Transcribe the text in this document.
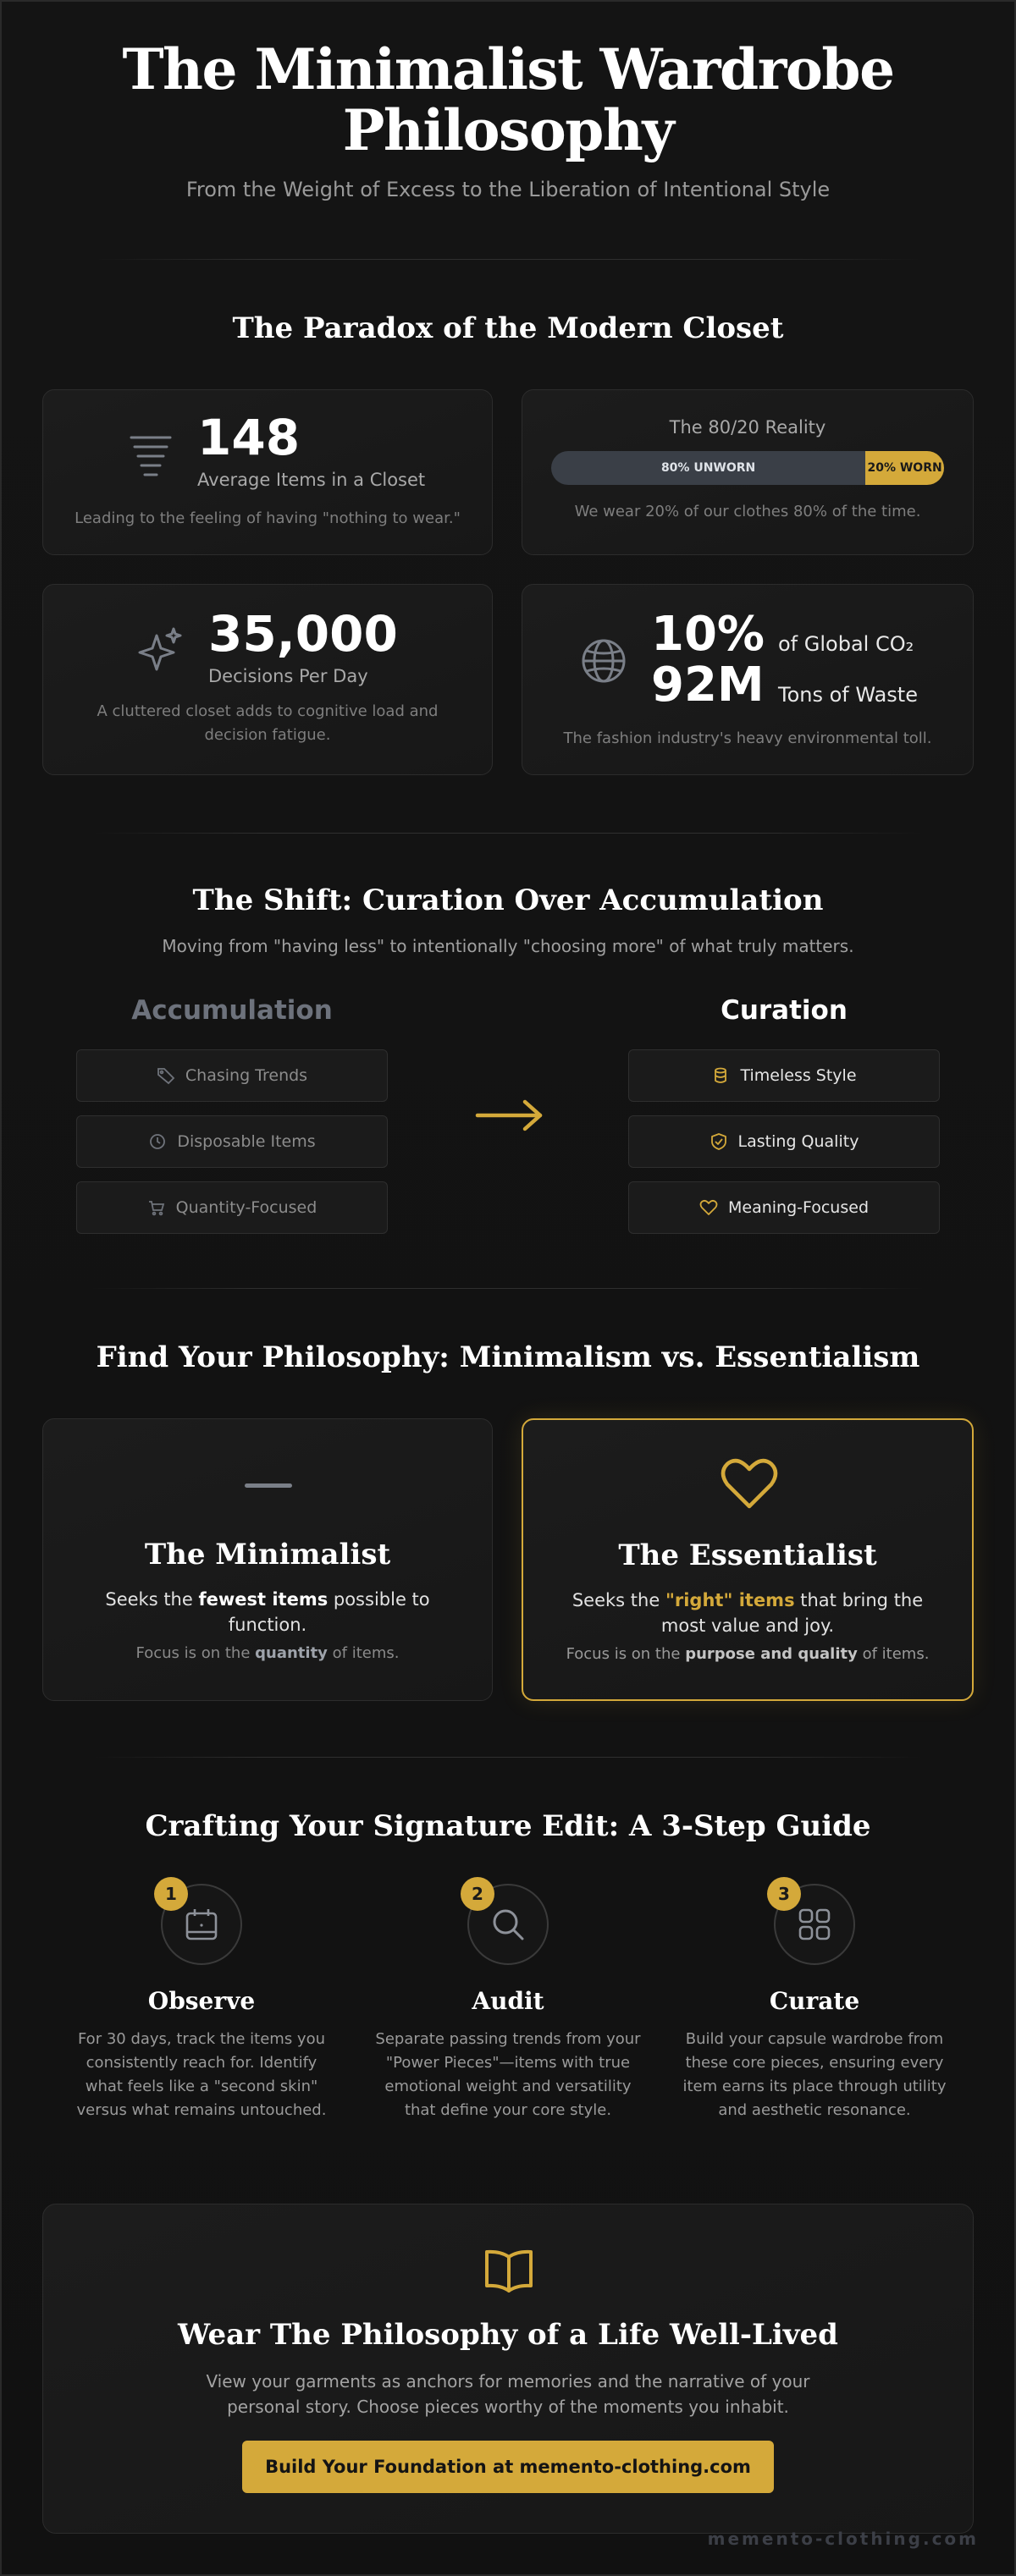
The Minimalist Wardrobe
Philosophy
From the Weight of Excess to the Liberation of Intentional Style
The Paradox of the Modern Closet
148
Average Items in a Closet
Leading to the feeling of having "nothing to wear."
The 80/20 Reality
80% UNWORN	20% WORN
We wear 20% of our clothes 80% of the time.
35,000
Decisions Per Day
A cluttered closet adds to cognitive load and
decision fatigue.
10% of Global CO₂
92M Tons of Waste
The fashion industry's heavy environmental toll.
The Shift: Curation Over Accumulation
Moving from "having less" to intentionally "choosing more" of what truly matters.
Accumulation	Curation
Chasing Trends
Disposable Items
Quantity-Focused
Timeless Style
Lasting Quality
Meaning-Focused
Find Your Philosophy: Minimalism vs. Essentialism
The Minimalist
Seeks the fewest items possible to
function.
Focus is on the quantity of items.
The Essentialist
Seeks the "right" items that bring the
most value and joy.
Focus is on the purpose and quality of items.
Crafting Your Signature Edit: A 3-Step Guide
1
Observe
For 30 days, track the items you
consistently reach for. Identify
what feels like a "second skin"
versus what remains untouched.
2
Audit
Separate passing trends from your
"Power Pieces"—items with true
emotional weight and versatility
that define your core style.
3
Curate
Build your capsule wardrobe from
these core pieces, ensuring every
item earns its place through utility
and aesthetic resonance.
Wear The Philosophy of a Life Well-Lived
View your garments as anchors for memories and the narrative of your
personal story. Choose pieces worthy of the moments you inhabit.
Build Your Foundation at memento-clothing.com
memento-clothing.com
